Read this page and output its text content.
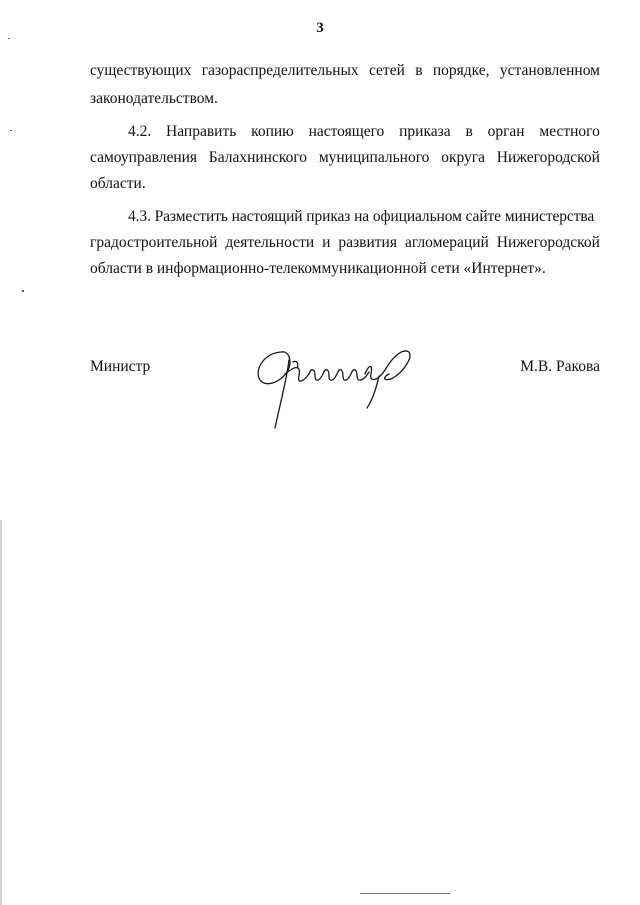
3
существующих газораспределительных сетей в порядке, установленном
законодательством.
4.2. Направить копию настоящего приказа в орган местного
самоуправления Балахнинского муниципального округа Нижегородской
области.
4.3. Разместить настоящий приказ на официальном сайте министерства
градостроительной деятельности и развития агломераций Нижегородской
области в информационно-телекоммуникационной сети «Интернет».
Министр	М.В. Ракова
